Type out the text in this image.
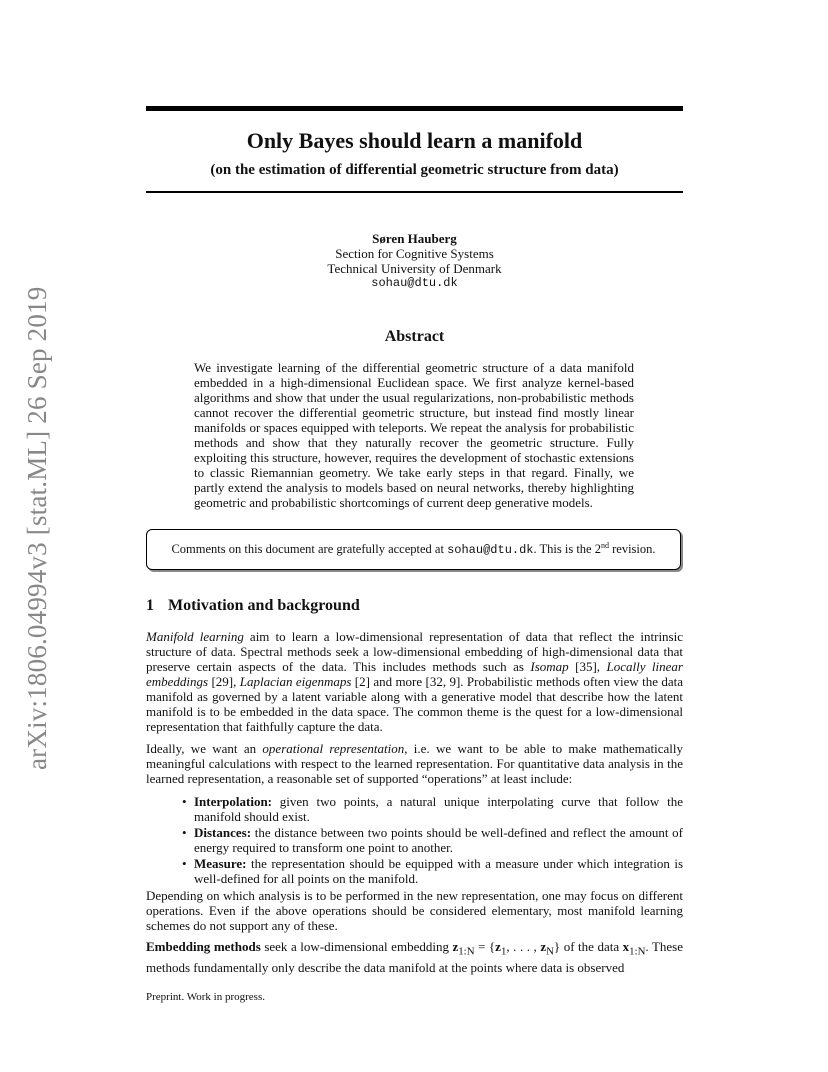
arXiv:1806.04994v3 [stat.ML] 26 Sep 2019
Only Bayes should learn a manifold
(on the estimation of differential geometric structure from data)
Søren Hauberg
Section for Cognitive Systems
Technical University of Denmark
sohau@dtu.dk
Abstract
We investigate learning of the differential geometric structure of a data manifold embedded in a high-dimensional Euclidean space. We first analyze kernel-based algorithms and show that under the usual regularizations, non-probabilistic methods cannot recover the differential geometric structure, but instead find mostly linear manifolds or spaces equipped with teleports. We repeat the analysis for probabilistic methods and show that they naturally recover the geometric structure. Fully exploiting this structure, however, requires the development of stochastic extensions to classic Riemannian geometry. We take early steps in that regard. Finally, we partly extend the analysis to models based on neural networks, thereby highlighting geometric and probabilistic shortcomings of current deep generative models.
Comments on this document are gratefully accepted at sohau@dtu.dk. This is the 2nd revision.
1 Motivation and background
Manifold learning aim to learn a low-dimensional representation of data that reflect the intrinsic structure of data. Spectral methods seek a low-dimensional embedding of high-dimensional data that preserve certain aspects of the data. This includes methods such as Isomap [35], Locally linear embeddings [29], Laplacian eigenmaps [2] and more [32, 9]. Probabilistic methods often view the data manifold as governed by a latent variable along with a generative model that describe how the latent manifold is to be embedded in the data space. The common theme is the quest for a low-dimensional representation that faithfully capture the data.
Ideally, we want an operational representation, i.e. we want to be able to make mathematically meaningful calculations with respect to the learned representation. For quantitative data analysis in the learned representation, a reasonable set of supported “operations” at least include:
• Interpolation: given two points, a natural unique interpolating curve that follow the manifold should exist.
• Distances: the distance between two points should be well-defined and reflect the amount of energy required to transform one point to another.
• Measure: the representation should be equipped with a measure under which integration is well-defined for all points on the manifold.
Depending on which analysis is to be performed in the new representation, one may focus on different operations. Even if the above operations should be considered elementary, most manifold learning schemes do not support any of these.
Embedding methods seek a low-dimensional embedding $z_{1:N} = \{z_1$, . . . , $z_N$} of the data $x_{1:N}$. These methods fundamentally only describe the data manifold at the points where data is observed
Preprint. Work in progress.
